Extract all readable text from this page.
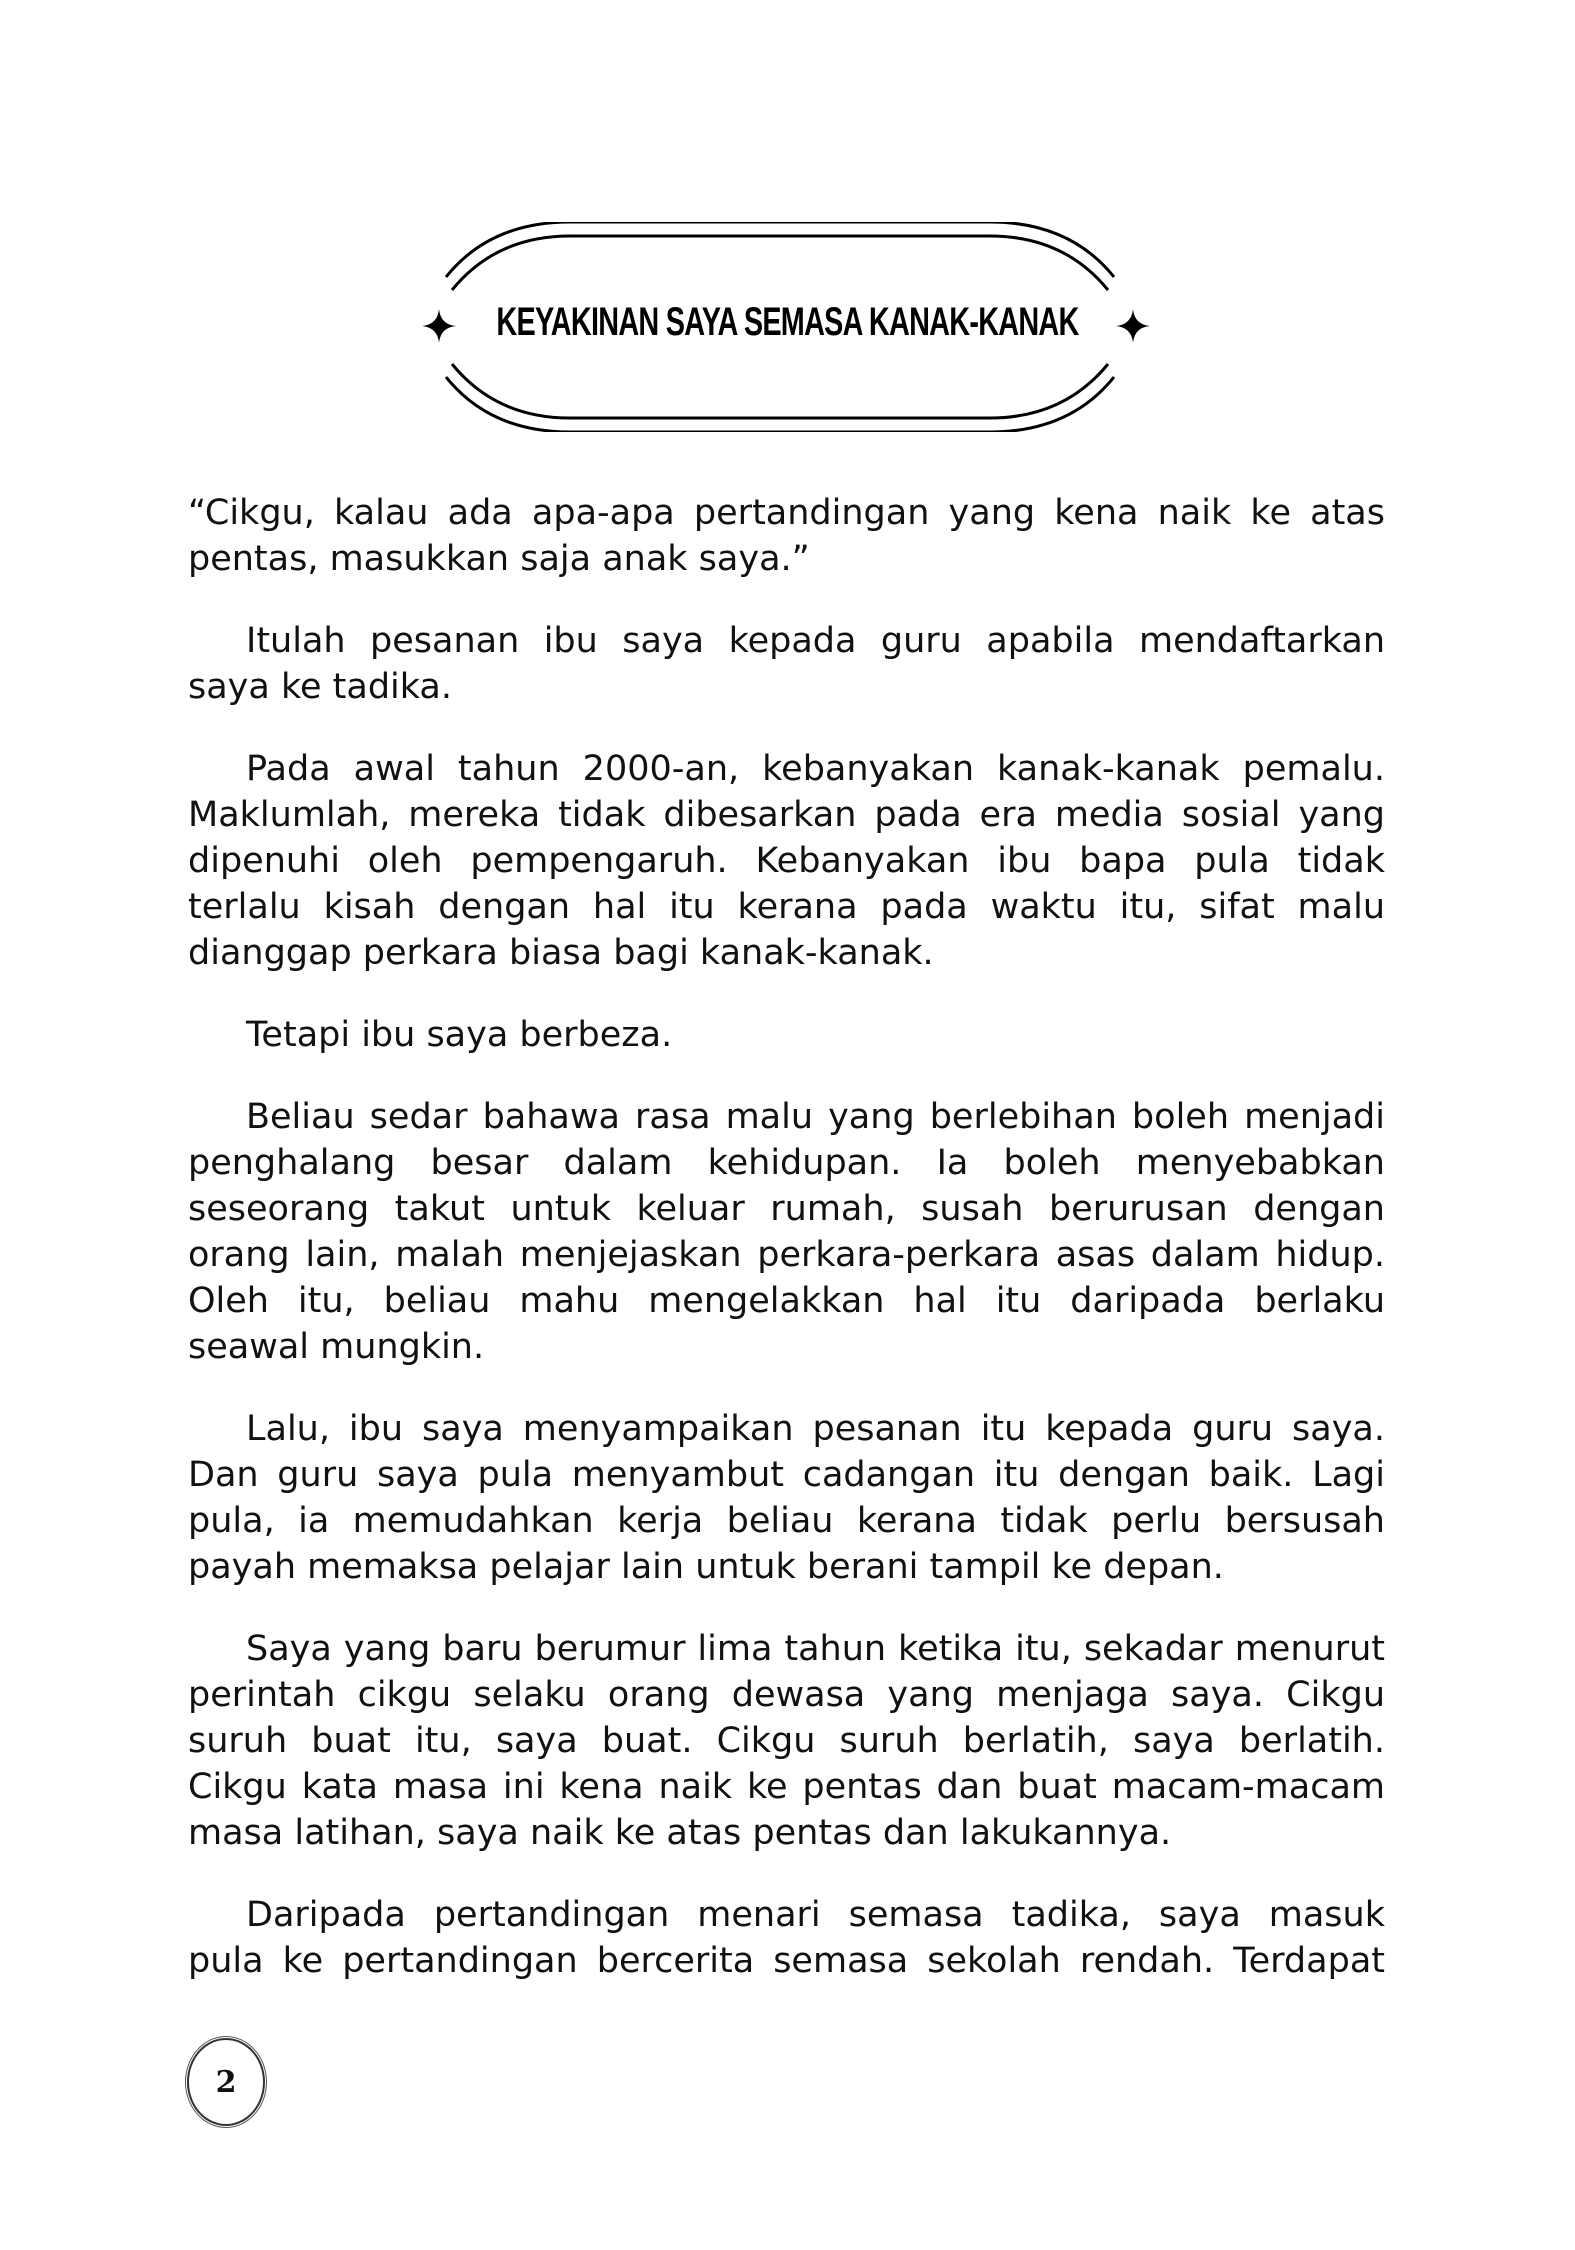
KEYAKINAN SAYA SEMASA KANAK-KANAK
“Cikgu, kalau ada apa-apa pertandingan yang kena naik ke atas
pentas, masukkan saja anak saya.”
Itulah pesanan ibu saya kepada guru apabila mendaftarkan
saya ke tadika.
Pada awal tahun 2000-an, kebanyakan kanak-kanak pemalu.
Maklumlah, mereka tidak dibesarkan pada era media sosial yang
dipenuhi oleh pempengaruh. Kebanyakan ibu bapa pula tidak
terlalu kisah dengan hal itu kerana pada waktu itu, sifat malu
dianggap perkara biasa bagi kanak-kanak.
Tetapi ibu saya berbeza.
Beliau sedar bahawa rasa malu yang berlebihan boleh menjadi
penghalang besar dalam kehidupan. Ia boleh menyebabkan
seseorang takut untuk keluar rumah, susah berurusan dengan
orang lain, malah menjejaskan perkara-perkara asas dalam hidup.
Oleh itu, beliau mahu mengelakkan hal itu daripada berlaku
seawal mungkin.
Lalu, ibu saya menyampaikan pesanan itu kepada guru saya.
Dan guru saya pula menyambut cadangan itu dengan baik. Lagi
pula, ia memudahkan kerja beliau kerana tidak perlu bersusah
payah memaksa pelajar lain untuk berani tampil ke depan.
Saya yang baru berumur lima tahun ketika itu, sekadar menurut
perintah cikgu selaku orang dewasa yang menjaga saya. Cikgu
suruh buat itu, saya buat. Cikgu suruh berlatih, saya berlatih.
Cikgu kata masa ini kena naik ke pentas dan buat macam-macam
masa latihan, saya naik ke atas pentas dan lakukannya.
Daripada pertandingan menari semasa tadika, saya masuk
pula ke pertandingan bercerita semasa sekolah rendah. Terdapat
2
